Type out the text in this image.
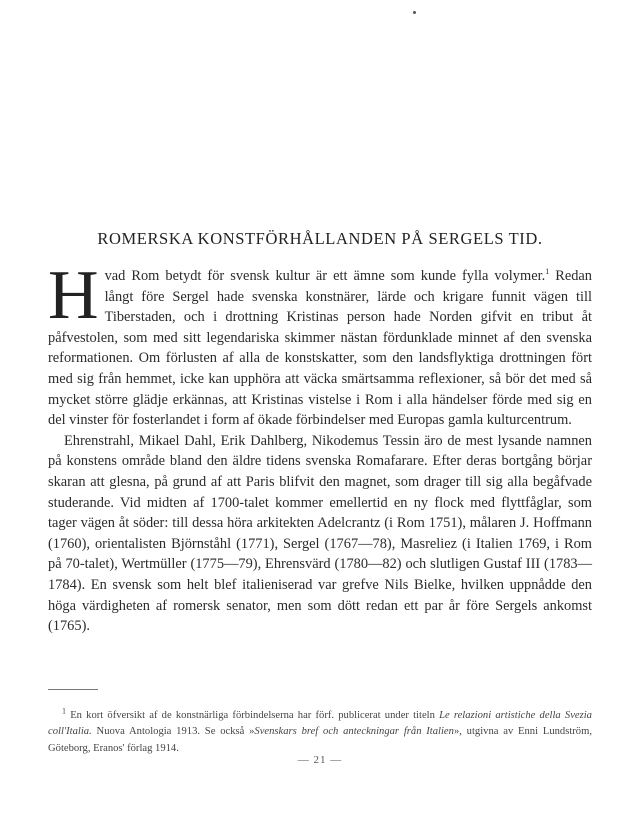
ROMERSKA KONSTFÖRHÅLLANDEN PÅ SERGELS TID.

Hvad Rom betydt för svensk kultur är ett ämne som kunde fylla volymer.$^1$ Redan långt före Sergel hade svenska konstnärer, lärde och krigare funnit vägen till Tiberstaden, och i drottning Kristinas person hade Norden gifvit en tribut åt påfvestolen, som med sitt legendariska skimmer nästan fördunklade minnet af den svenska reformationen. Om förlusten af alla de konstskatter, som den landsflyktiga drottningen fört med sig från hemmet, icke kan upphöra att väcka smärtsamma reflexioner, så bör det med så mycket större glädje erkännas, att Kristinas vistelse i Rom i alla händelser förde med sig en del vinster för fosterlandet i form af ökade förbindelser med Europas gamla kulturcentrum.

Ehrenstrahl, Mikael Dahl, Erik Dahlberg, Nikodemus Tessin äro de mest lysande namnen på konstens område bland den äldre tidens svenska Romafarare. Efter deras bortgång börjar skaran att glesna, på grund af att Paris blifvit den magnet, som drager till sig alla begåfvade studerande. Vid midten af 1700-talet kommer emellertid en ny flock med flyttfåglar, som tager vägen åt söder: till dessa höra arkitekten Adelcrantz (i Rom 1751), målaren J. Hoffmann (1760), orientalisten Björnståhl (1771), Sergel (1767—78), Masreliez (i Italien 1769, i Rom på 70-talet), Wertmüller (1775—79), Ehrensvärd (1780—82) och slutligen Gustaf III (1783—1784). En svensk som helt blef italieniserad var grefve Nils Bielke, hvilken uppnådde den höga värdigheten af romersk senator, men som dött redan ett par år före Sergels ankomst (1765).

$^1$ En kort öfversikt af de konstnärliga förbindelserna har förf. publicerat under titeln Le relazioni artistiche della Svezia coll'Italia. Nuova Antologia 1913. Se också »Svenskars bref och anteckningar från Italien», utgivna av Enni Lundström, Göteborg, Eranos' förlag 1914.

— 21 —
